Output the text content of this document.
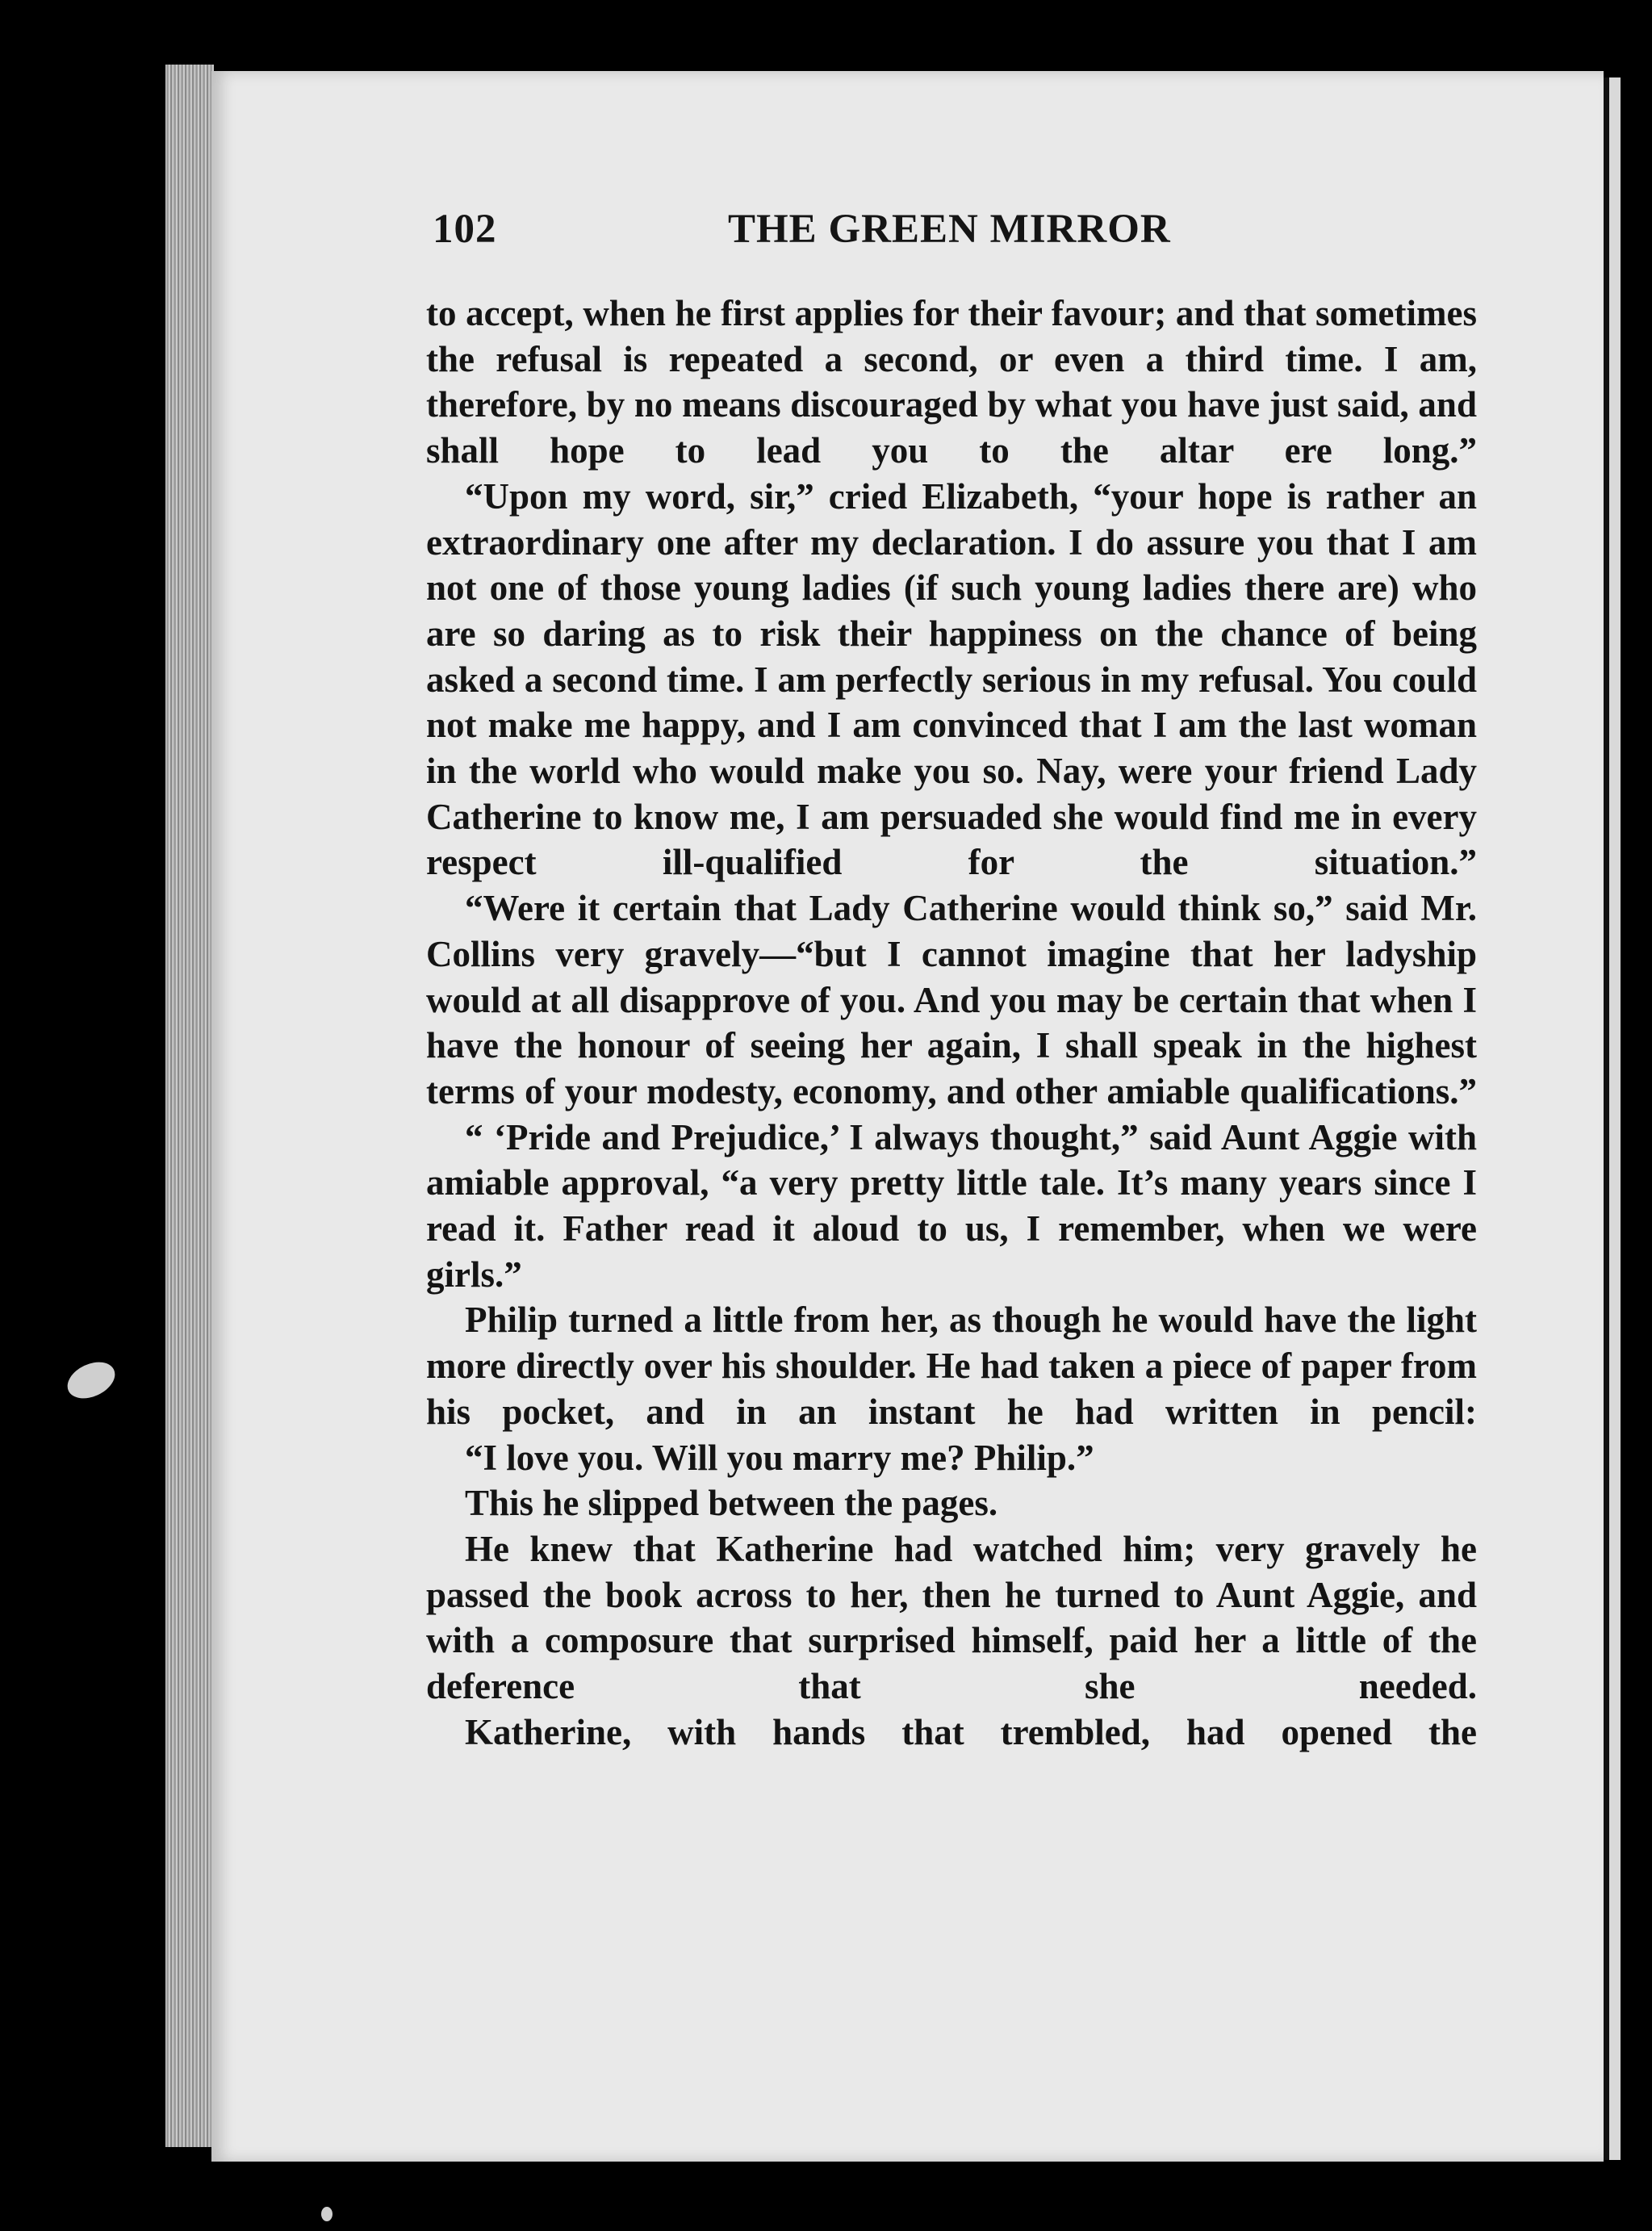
102	THE GREEN MIRROR

to accept, when he first applies for their favour; and that sometimes the refusal is repeated a second, or even a third time. I am, therefore, by no means discouraged by what you have just said, and shall hope to lead you to the altar ere long.”

“Upon my word, sir,” cried Elizabeth, “your hope is rather an extraordinary one after my declaration. I do assure you that I am not one of those young ladies (if such young ladies there are) who are so daring as to risk their happiness on the chance of being asked a second time. I am perfectly serious in my refusal. You could not make me happy, and I am convinced that I am the last woman in the world who would make you so. Nay, were your friend Lady Catherine to know me, I am persuaded she would find me in every respect ill-qualified for the situation.”

“Were it certain that Lady Catherine would think so,” said Mr. Collins very gravely—“but I cannot imagine that her ladyship would at all disapprove of you. And you may be certain that when I have the honour of seeing her again, I shall speak in the highest terms of your modesty, economy, and other amiable qualifications.”

“ ‘Pride and Prejudice,’ I always thought,” said Aunt Aggie with amiable approval, “a very pretty little tale. It’s many years since I read it. Father read it aloud to us, I remember, when we were girls.”

Philip turned a little from her, as though he would have the light more directly over his shoulder. He had taken a piece of paper from his pocket, and in an instant he had written in pencil:

“I love you. Will you marry me? Philip.”

This he slipped between the pages.

He knew that Katherine had watched him; very gravely he passed the book across to her, then he turned to Aunt Aggie, and with a composure that surprised himself, paid her a little of the deference that she needed.

Katherine, with hands that trembled, had opened the
